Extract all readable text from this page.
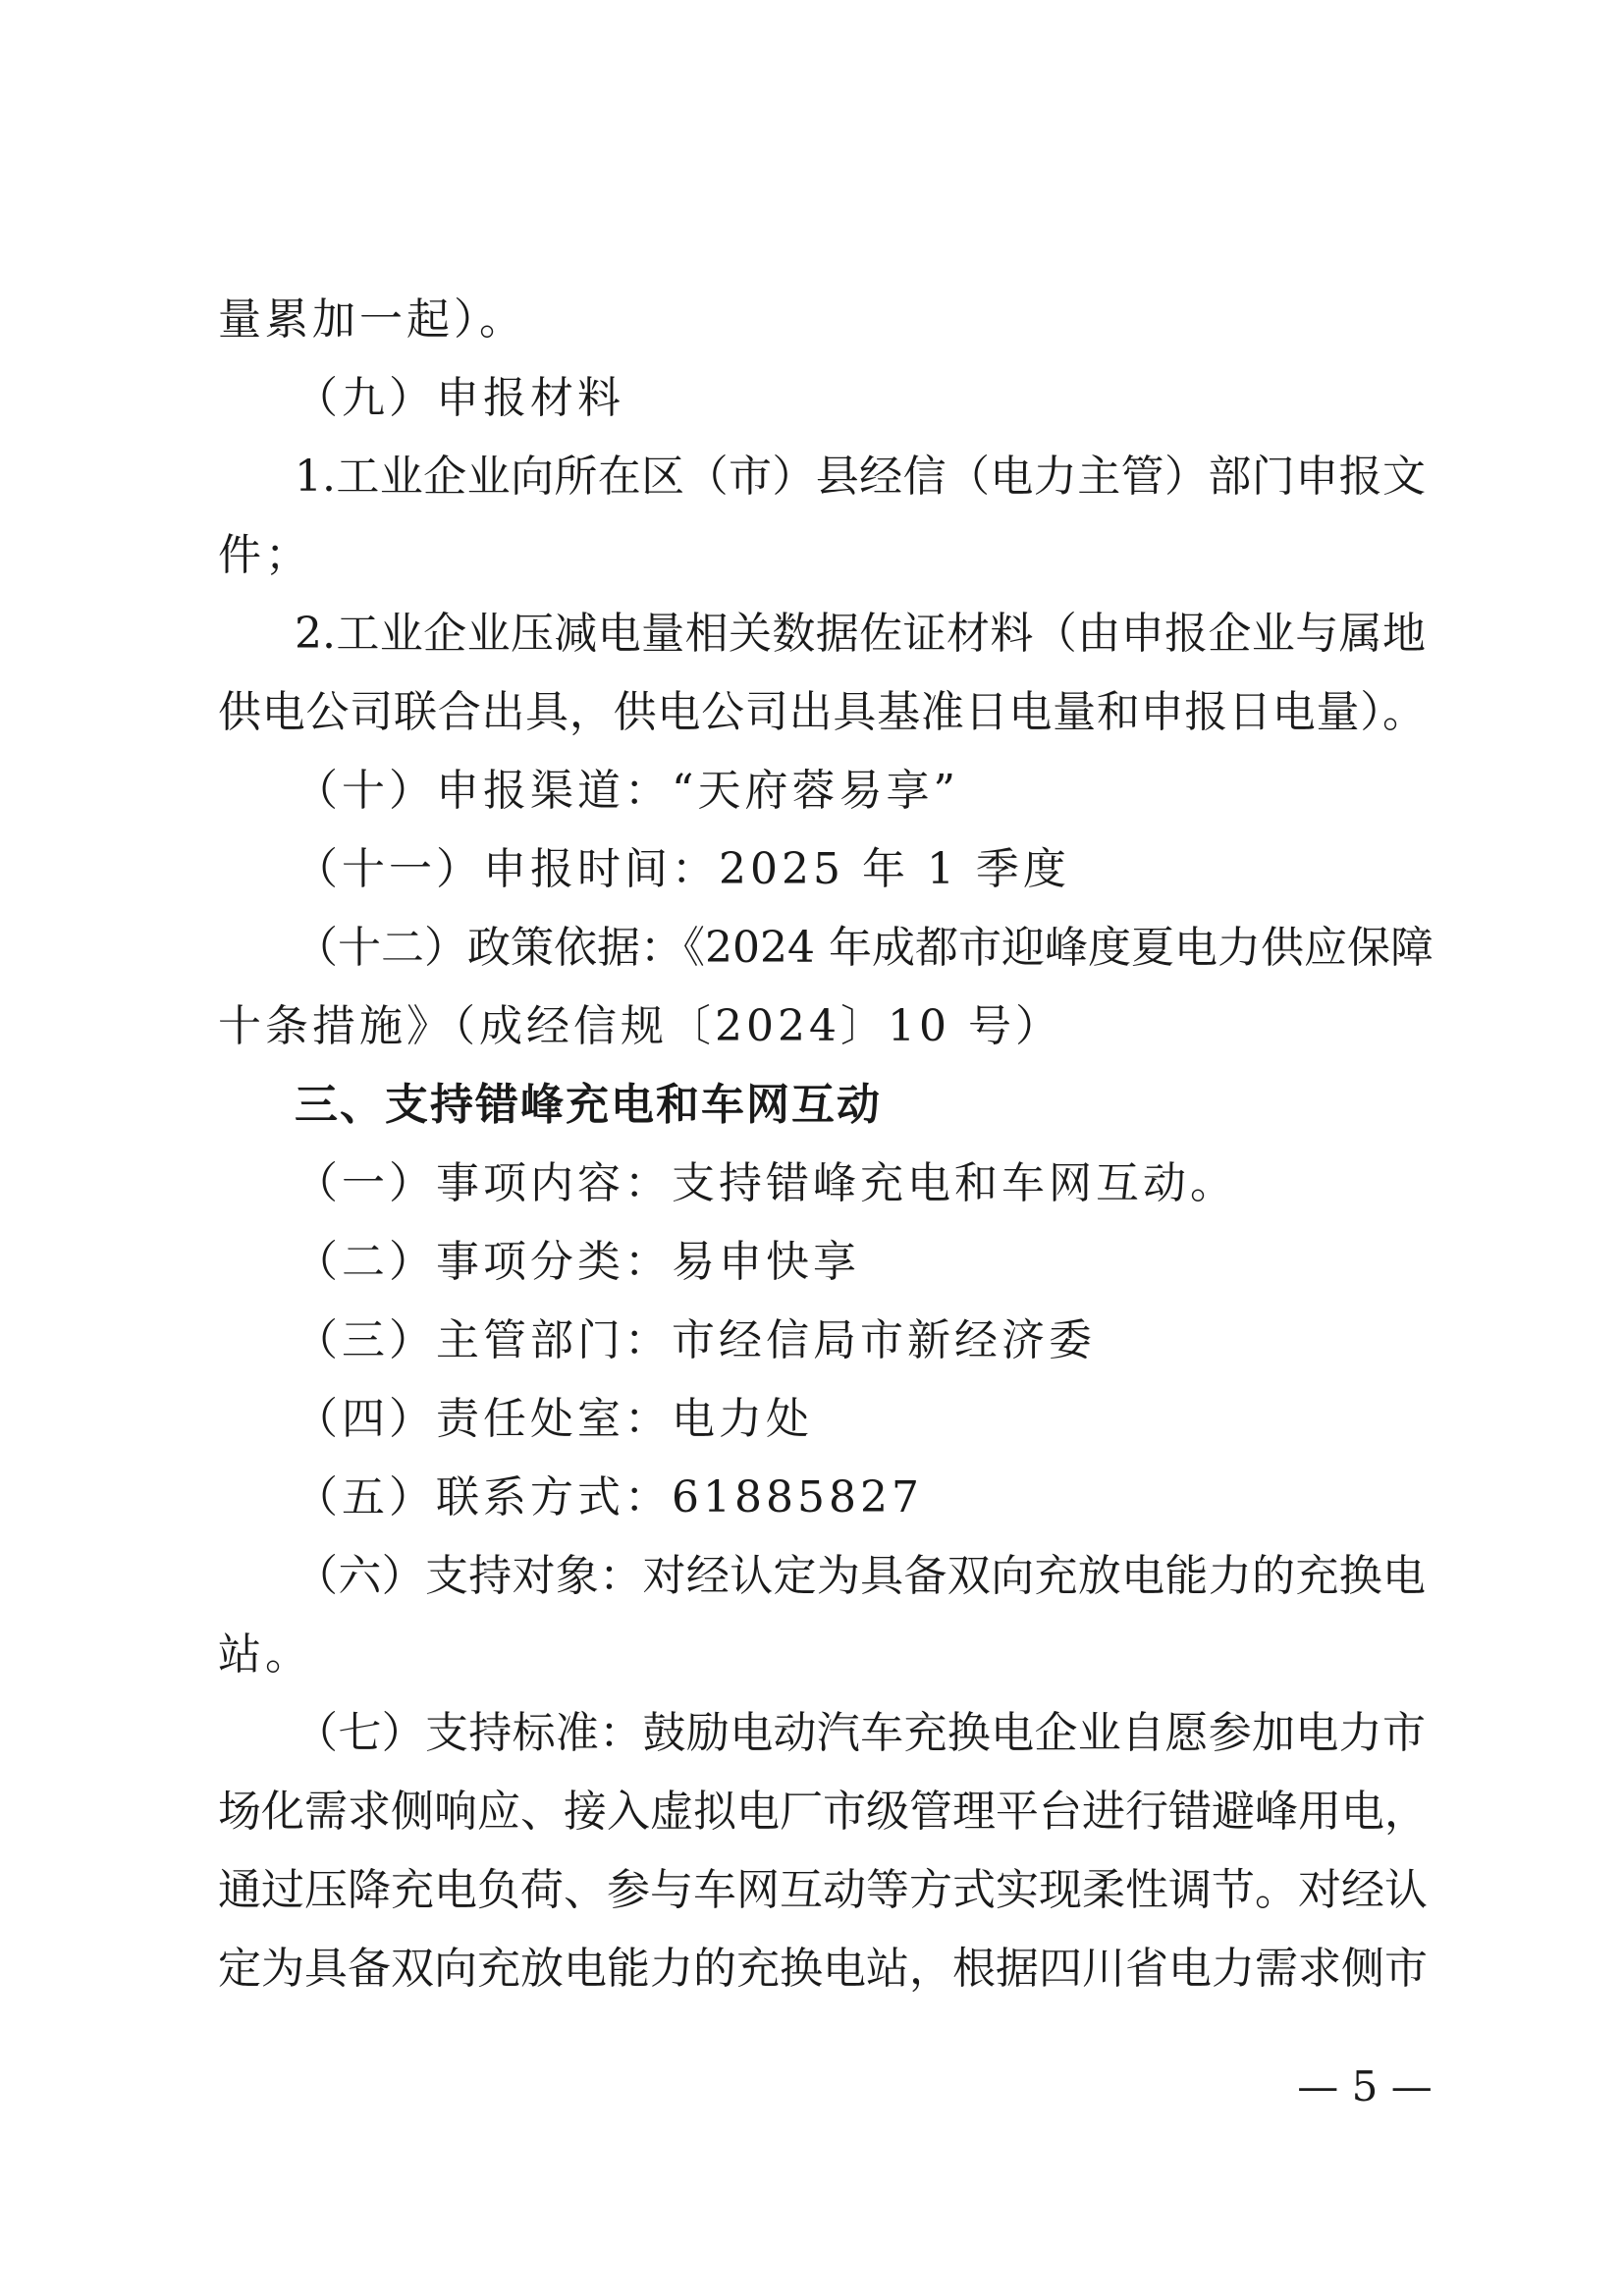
量累加一起）。
（九）申报材料
1.工业企业向所在区（市）县经信（电力主管）部门申报文
件；
2.工业企业压减电量相关数据佐证材料（由申报企业与属地
供电公司联合出具，供电公司出具基准日电量和申报日电量）。
（十）申报渠道：“天府蓉易享”
（十一）申报时间：2025 年 1 季度
（十二）政策依据：《2024 年成都市迎峰度夏电力供应保障
十条措施》（成经信规〔2024〕10 号）
三、支持错峰充电和车网互动
（一）事项内容：支持错峰充电和车网互动。
（二）事项分类：易申快享
（三）主管部门：市经信局市新经济委
（四）责任处室：电力处
（五）联系方式：61885827
（六）支持对象：对经认定为具备双向充放电能力的充换电
站。
（七）支持标准：鼓励电动汽车充换电企业自愿参加电力市
场化需求侧响应、接入虚拟电厂市级管理平台进行错避峰用电，
通过压降充电负荷、参与车网互动等方式实现柔性调节。对经认
定为具备双向充放电能力的充换电站，根据四川省电力需求侧市
— 5 —
